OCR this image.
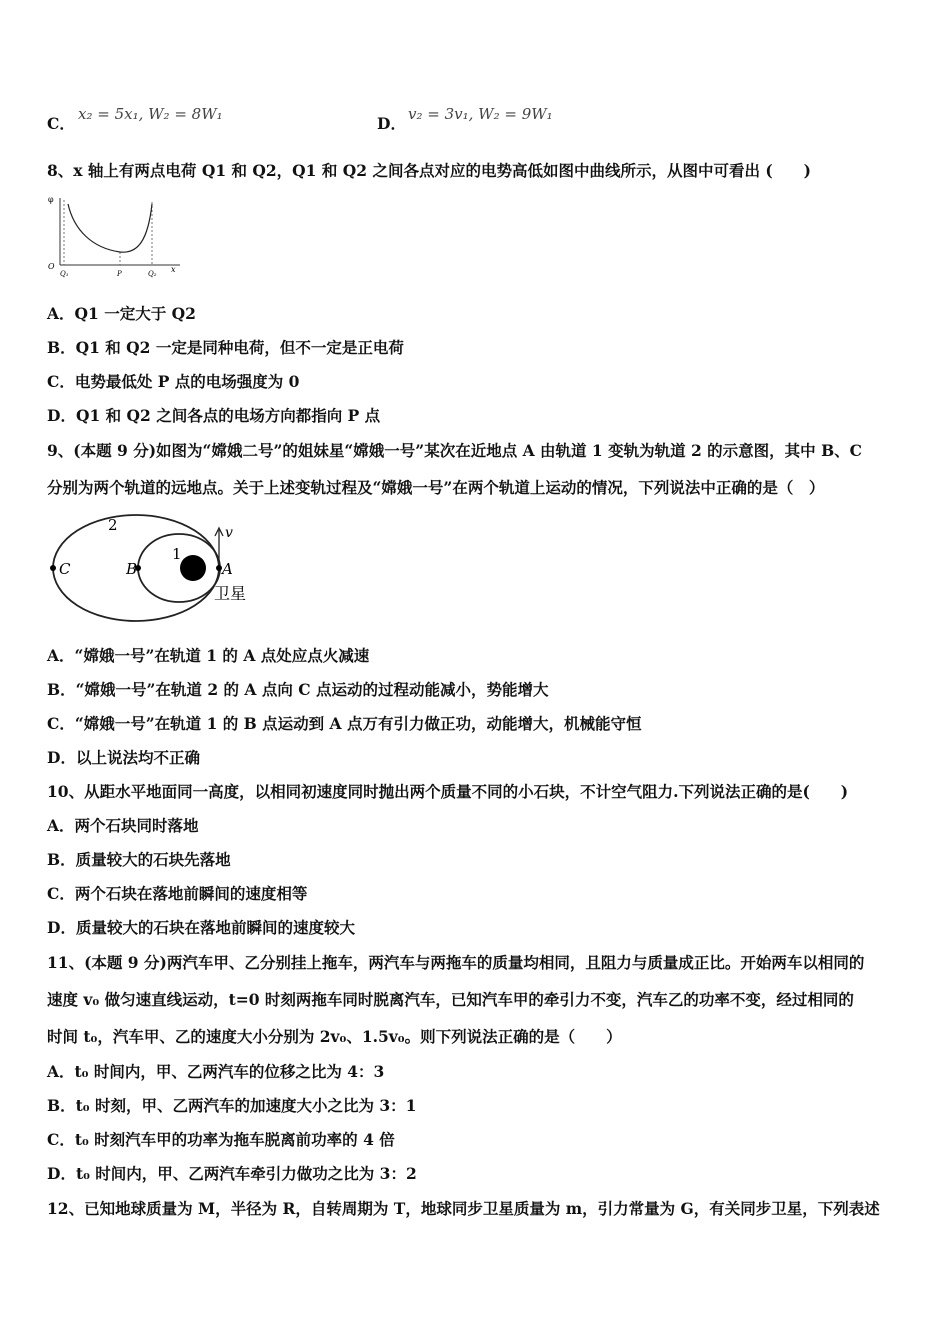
C． x₂ = 5x₁, W₂ = 8W₁	D． v₂ = 3v₁, W₂ = 9W₁
8、x 轴上有两点电荷 Q1 和 Q2，Q1 和 Q2 之间各点对应的电势高低如图中曲线所示，从图中可看出 (　　)
φ
O
Q₁	P	Q₂ x
A．Q1 一定大于 Q2
B．Q1 和 Q2 一定是同种电荷，但不一定是正电荷
C．电势最低处 P 点的电场强度为 0
D．Q1 和 Q2 之间各点的电场方向都指向 P 点
9、(本题 9 分)如图为“嫦娥二号”的姐妹星“嫦娥一号”某次在近地点 A 由轨道 1 变轨为轨道 2 的示意图，其中 B、C
分别为两个轨道的远地点。关于上述变轨过程及“嫦娥一号”在两个轨道上运动的情况，下列说法中正确的是（　）
2
1
C	B	A
v
卫星
A．“嫦娥一号”在轨道 1 的 A 点处应点火减速
B．“嫦娥一号”在轨道 2 的 A 点向 C 点运动的过程动能减小，势能增大
C．“嫦娥一号”在轨道 1 的 B 点运动到 A 点万有引力做正功，动能增大，机械能守恒
D．以上说法均不正确
10、从距水平地面同一高度，以相同初速度同时抛出两个质量不同的小石块，不计空气阻力.下列说法正确的是(　　)
A．两个石块同时落地
B．质量较大的石块先落地
C．两个石块在落地前瞬间的速度相等
D．质量较大的石块在落地前瞬间的速度较大
11、(本题 9 分)两汽车甲、乙分别挂上拖车，两汽车与两拖车的质量均相同，且阻力与质量成正比。开始两车以相同的
速度 v₀ 做匀速直线运动，t=0 时刻两拖车同时脱离汽车，已知汽车甲的牵引力不变，汽车乙的功率不变，经过相同的
时间 t₀，汽车甲、乙的速度大小分别为 2v₀、1.5v₀。则下列说法正确的是（　　）
A．t₀ 时间内，甲、乙两汽车的位移之比为 4：3
B．t₀ 时刻，甲、乙两汽车的加速度大小之比为 3：1
C．t₀ 时刻汽车甲的功率为拖车脱离前功率的 4 倍
D．t₀ 时间内，甲、乙两汽车牵引力做功之比为 3：2
12、已知地球质量为 M，半径为 R，自转周期为 T，地球同步卫星质量为 m，引力常量为 G，有关同步卫星，下列表述
